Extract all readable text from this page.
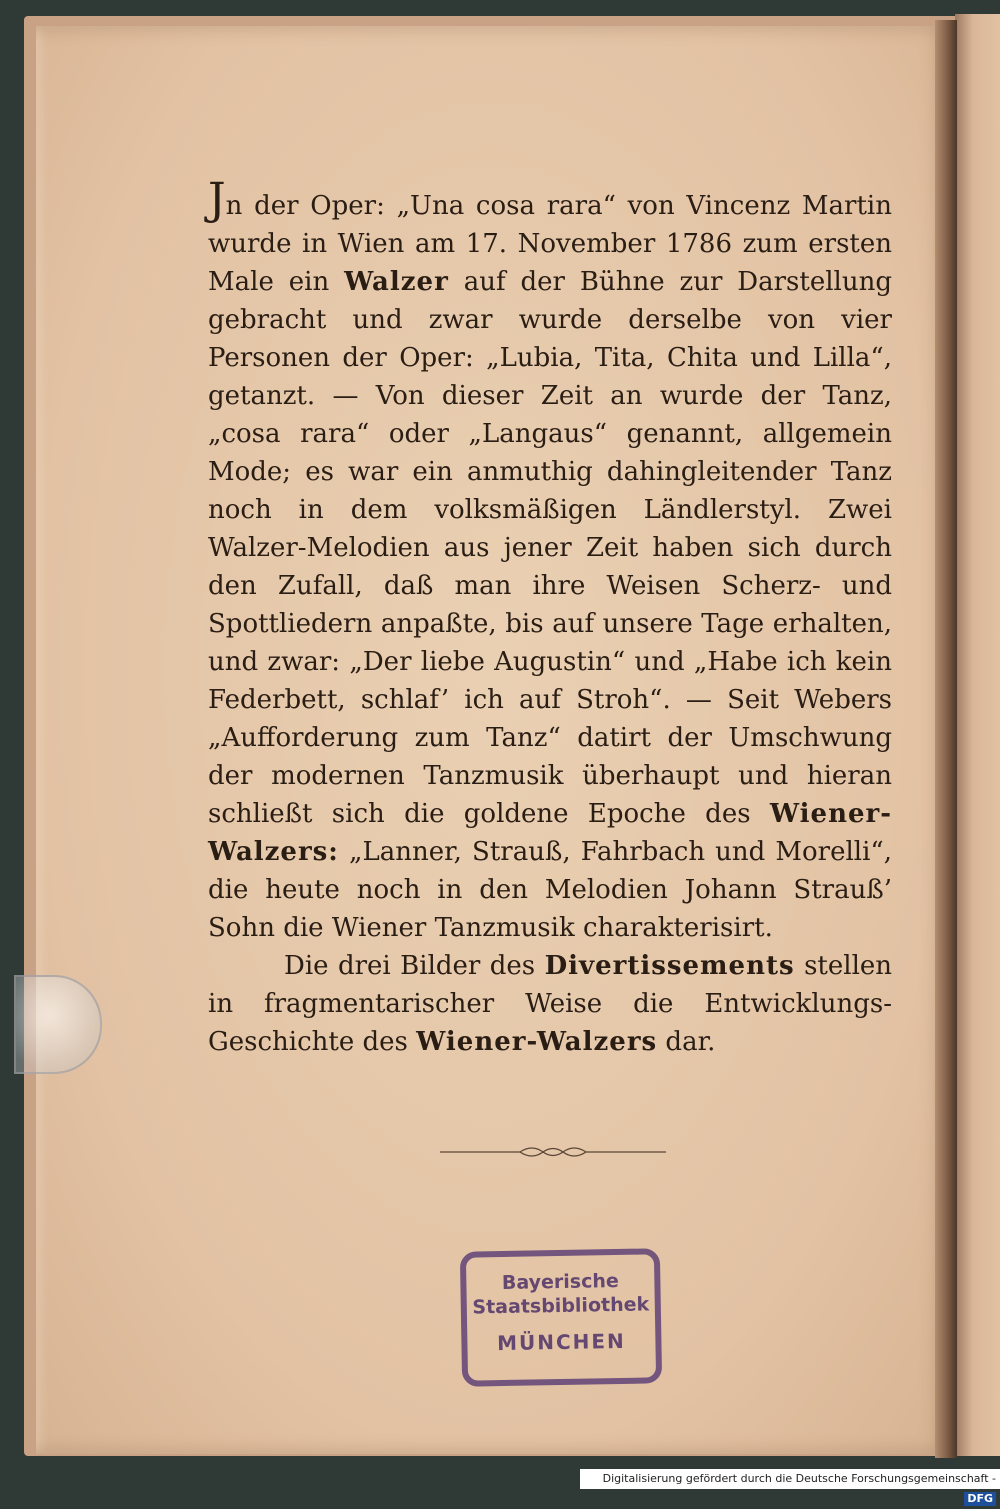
Jn der Oper: „Una cosa rara“ von Vincenz Martin wurde in Wien am 17. November 1786 zum ersten Male ein Walzer auf der Bühne zur Darstellung gebracht und zwar wurde derselbe von vier Personen der Oper: „Lubia, Tita, Chita und Lilla“, getanzt. — Von dieser Zeit an wurde der Tanz, „cosa rara“ oder „Langaus“ genannt, allgemein Mode; es war ein anmuthig dahingleitender Tanz noch in dem volksmäßigen Ländlerstyl. Zwei Walzer-Melodien aus jener Zeit haben sich durch den Zufall, daß man ihre Weisen Scherz- und Spottliedern anpaßte, bis auf unsere Tage erhalten, und zwar: „Der liebe Augustin“ und „Habe ich kein Federbett, schlaf’ ich auf Stroh“. — Seit Webers „Aufforderung zum Tanz“ datirt der Umschwung der modernen Tanzmusik überhaupt und hieran schließt sich die goldene Epoche des Wiener-Walzers: „Lanner, Strauß, Fahrbach und Morelli“, die heute noch in den Melodien Johann Strauß’ Sohn die Wiener Tanzmusik charakterisirt.

Die drei Bilder des Divertissements stellen in fragmentarischer Weise die Entwicklungs-Geschichte des Wiener-Walzers dar.

Bayerische
Staatsbibliothek
MÜNCHEN
Digitalisierung gefördert durch die Deutsche Forschungsgemeinschaft -DFG
